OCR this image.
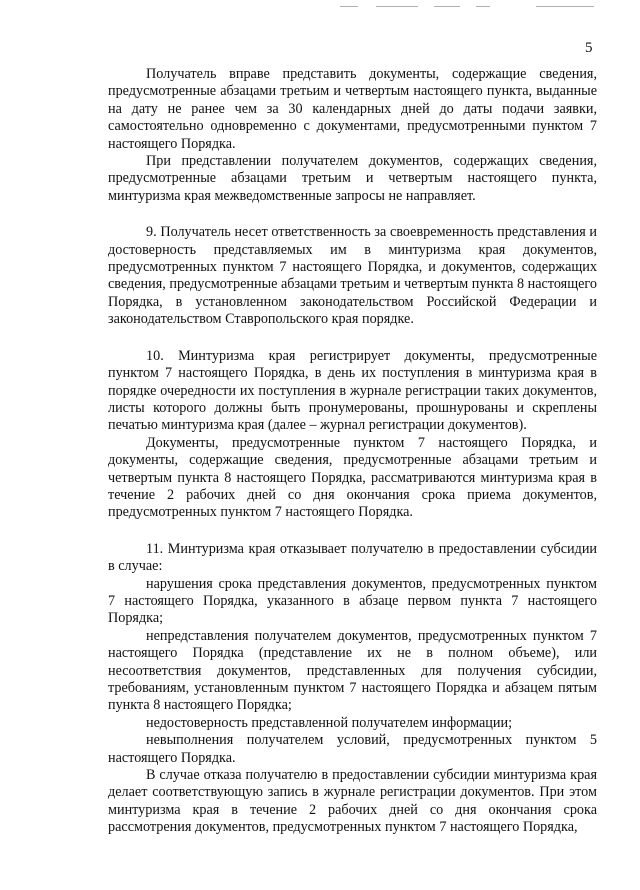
5

Получатель вправе представить документы, содержащие сведения, предусмотренные абзацами третьим и четвертым настоящего пункта, выданные на дату не ранее чем за 30 календарных дней до даты подачи заявки, самостоятельно одновременно с документами, предусмотренными пунктом 7 настоящего Порядка.

При представлении получателем документов, содержащих сведения, предусмотренные абзацами третьим и четвертым настоящего пункта, минтуризма края межведомственные запросы не направляет.

9. Получатель несет ответственность за своевременность представления и достоверность представляемых им в минтуризма края документов, предусмотренных пунктом 7 настоящего Порядка, и документов, содержащих сведения, предусмотренные абзацами третьим и четвертым пункта 8 настоящего Порядка, в установленном законодательством Российской Федерации и законодательством Ставропольского края порядке.

10. Минтуризма края регистрирует документы, предусмотренные пунктом 7 настоящего Порядка, в день их поступления в минтуризма края в порядке очередности их поступления в журнале регистрации таких документов, листы которого должны быть пронумерованы, прошнурованы и скреплены печатью минтуризма края (далее – журнал регистрации документов).

Документы, предусмотренные пунктом 7 настоящего Порядка, и документы, содержащие сведения, предусмотренные абзацами третьим и четвертым пункта 8 настоящего Порядка, рассматриваются минтуризма края в течение 2 рабочих дней со дня окончания срока приема документов, предусмотренных пунктом 7 настоящего Порядка.

11. Минтуризма края отказывает получателю в предоставлении субсидии в случае:

нарушения срока представления документов, предусмотренных пунктом 7 настоящего Порядка, указанного в абзаце первом пункта 7 настоящего Порядка;

непредставления получателем документов, предусмотренных пунктом 7 настоящего Порядка (представление их не в полном объеме), или несоответствия документов, представленных для получения субсидии, требованиям, установленным пунктом 7 настоящего Порядка и абзацем пятым пункта 8 настоящего Порядка;

недостоверность представленной получателем информации;

невыполнения получателем условий, предусмотренных пунктом 5 настоящего Порядка.

В случае отказа получателю в предоставлении субсидии минтуризма края делает соответствующую запись в журнале регистрации документов. При этом минтуризма края в течение 2 рабочих дней со дня окончания срока рассмотрения документов, предусмотренных пунктом 7 настоящего Порядка,
